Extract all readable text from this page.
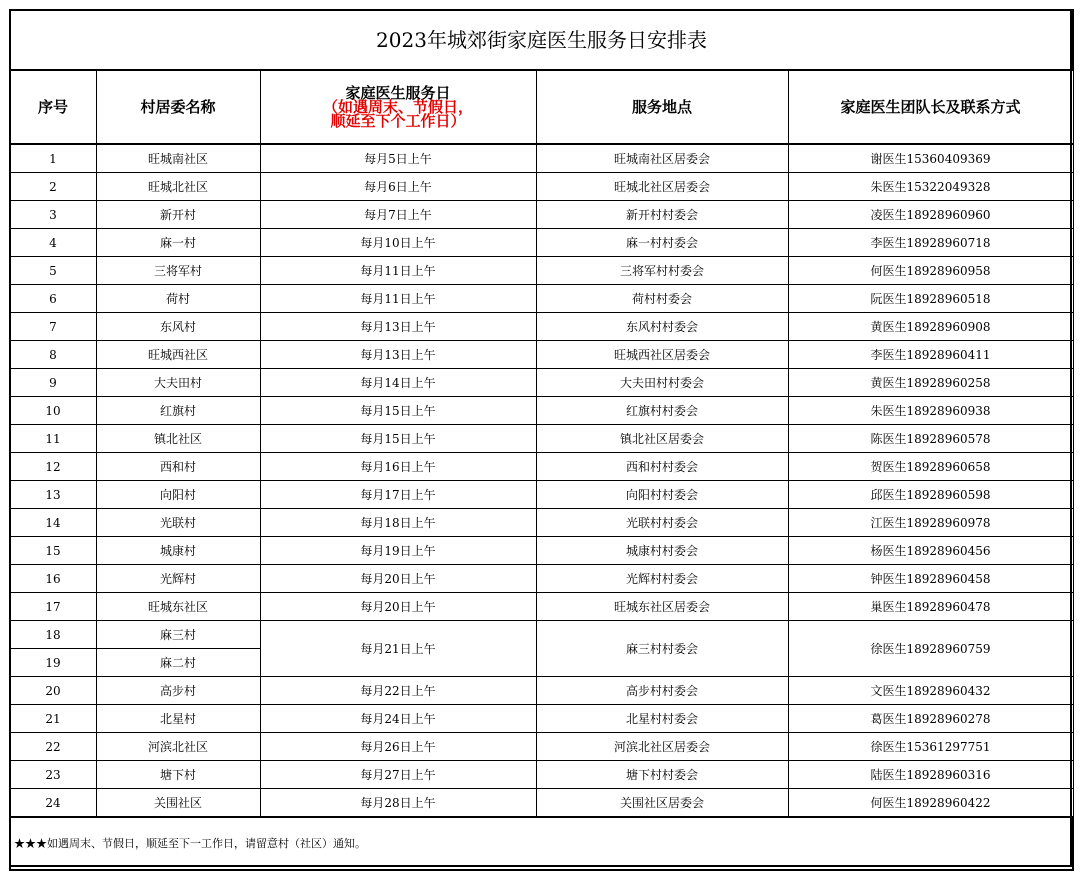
2023年城郊街家庭医生服务日安排表				
序号	村居委名称	家庭医生服务日
（如遇周末、节假日，
顺延至下个工作日）	服务地点	家庭医生团队长及联系方式
1	旺城南社区	每月5日上午	旺城南社区居委会	谢医生15360409369
2	旺城北社区	每月6日上午	旺城北社区居委会	朱医生15322049328
3	新开村	每月7日上午	新开村村委会	凌医生18928960960
4	麻一村	每月10日上午	麻一村村委会	李医生18928960718
5	三将军村	每月11日上午	三将军村村委会	何医生18928960958
6	荷村	每月11日上午	荷村村委会	阮医生18928960518
7	东风村	每月13日上午	东风村村委会	黄医生18928960908
8	旺城西社区	每月13日上午	旺城西社区居委会	李医生18928960411
9	大夫田村	每月14日上午	大夫田村村委会	黄医生18928960258
10	红旗村	每月15日上午	红旗村村委会	朱医生18928960938
11	镇北社区	每月15日上午	镇北社区居委会	陈医生18928960578
12	西和村	每月16日上午	西和村村委会	贺医生18928960658
13	向阳村	每月17日上午	向阳村村委会	邱医生18928960598
14	光联村	每月18日上午	光联村村委会	江医生18928960978
15	城康村	每月19日上午	城康村村委会	杨医生18928960456
16	光辉村	每月20日上午	光辉村村委会	钟医生18928960458
17	旺城东社区	每月20日上午	旺城东社区居委会	巢医生18928960478
18	麻三村	每月21日上午	麻三村村委会	徐医生18928960759
19	麻二村			
20	高步村	每月22日上午	高步村村委会	文医生18928960432
21	北星村	每月24日上午	北星村村委会	葛医生18928960278
22	河滨北社区	每月26日上午	河滨北社区居委会	徐医生15361297751
23	塘下村	每月27日上午	塘下村村委会	陆医生18928960316
24	关围社区	每月28日上午	关围社区居委会	何医生18928960422
★★★如遇周末、节假日，顺延至下一工作日，请留意村（社区）通知。				
